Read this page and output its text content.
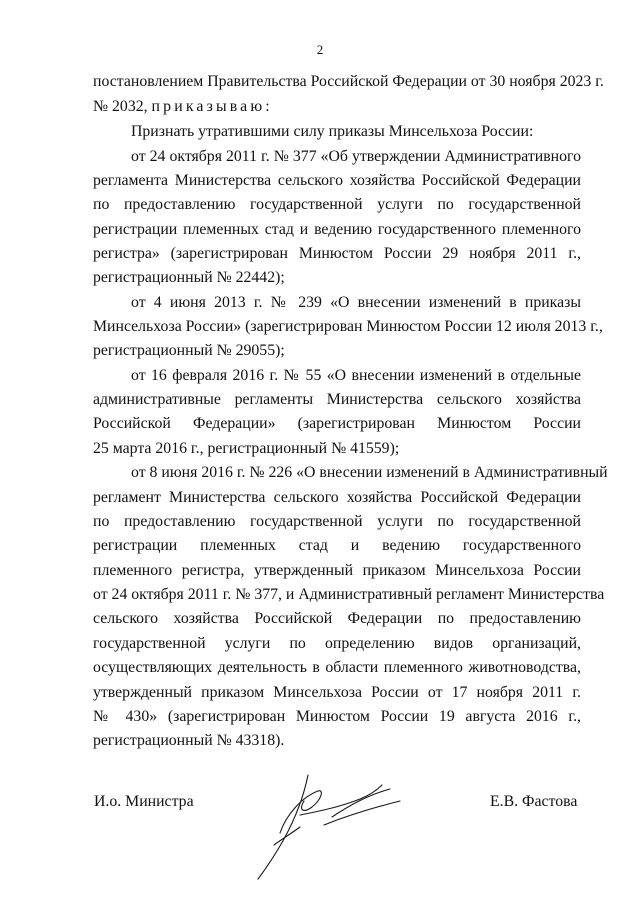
2

постановлением Правительства Российской Федерации от 30 ноября 2023 г.

№ 2032, приказываю:

Признать утратившими силу приказы Минсельхоза России:

от 24 октября 2011 г. № 377 «Об утверждении Административного

регламента Министерства сельского хозяйства Российской Федерации

по предоставлению государственной услуги по государственной

регистрации племенных стад и ведению государственного племенного

регистра» (зарегистрирован Минюстом России 29 ноября 2011 г.,

регистрационный № 22442);

от 4 июня 2013 г. № 239 «О внесении изменений в приказы

Минсельхоза России» (зарегистрирован Минюстом России 12 июля 2013 г.,

регистрационный № 29055);

от 16 февраля 2016 г. № 55 «О внесении изменений в отдельные

административные регламенты Министерства сельского хозяйства

Российской Федерации» (зарегистрирован Минюстом России

25 марта 2016 г., регистрационный № 41559);

от 8 июня 2016 г. № 226 «О внесении изменений в Административный

регламент Министерства сельского хозяйства Российской Федерации

по предоставлению государственной услуги по государственной

регистрации племенных стад и ведению государственного

племенного регистра, утвержденный приказом Минсельхоза России

от 24 октября 2011 г. № 377, и Административный регламент Министерства

сельского хозяйства Российской Федерации по предоставлению

государственной услуги по определению видов организаций,

осуществляющих деятельность в области племенного животноводства,

утвержденный приказом Минсельхоза России от 17 ноября 2011 г.

№ 430» (зарегистрирован Минюстом России 19 августа 2016 г.,

регистрационный № 43318).

И.о. Министра	Е.В. Фастова
